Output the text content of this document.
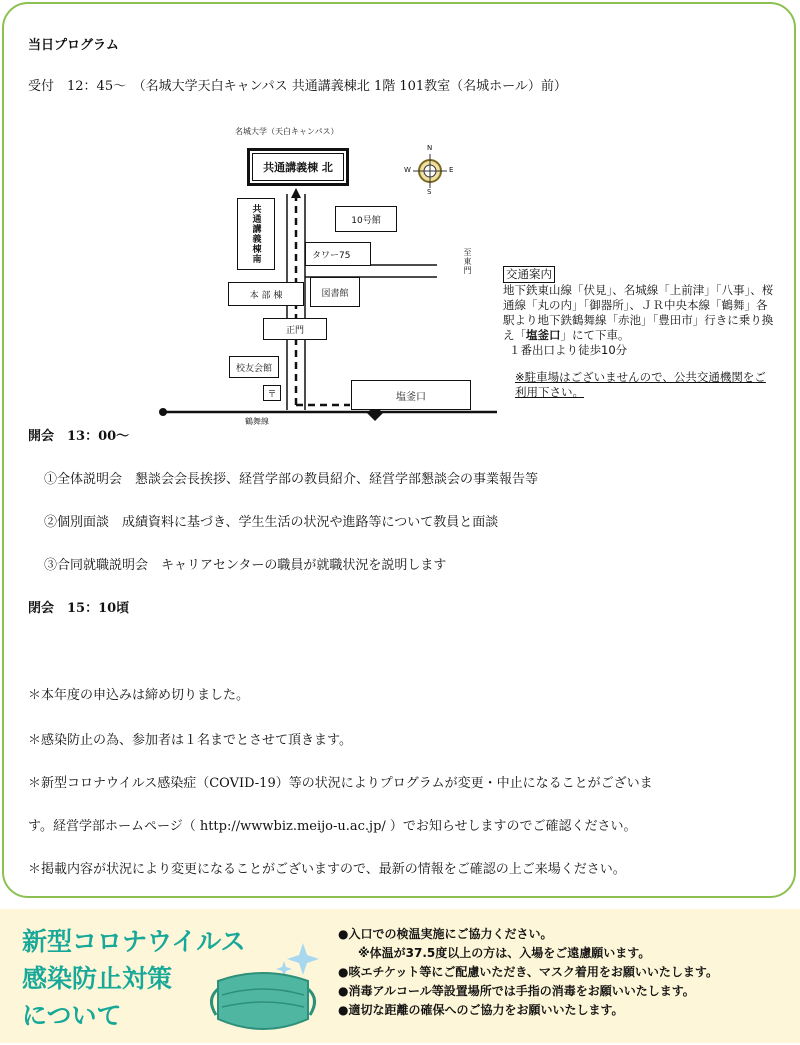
当日プログラム
受付　12：45～　（名城大学天白キャンパス 共通講義棟北 1階 101教室（名城ホール）前）
名城大学（天白キャンパス）
共通講義棟 北
共通講義棟南	10号館
タワー75
本 部 棟	図書館
正門
校友会館
〒	塩釜口
鶴舞線
至東門
N
S
E
W
交通案内
地下鉄東山線「伏見」、名城線「上前津」「八事」、桜通線「丸の内」「御器所」、ＪＲ中央本線「鶴舞」各駅より地下鉄鶴舞線「赤池」「豊田市」行きに乗り換え「塩釜口」にて下車。
１番出口より徒歩10分
※駐車場はございませんので、公共交通機関をご利用下さい。
開会　13：00～
①全体説明会　懇談会会長挨拶、経営学部の教員紹介、経営学部懇談会の事業報告等
②個別面談　成績資料に基づき、学生生活の状況や進路等について教員と面談
③合同就職説明会　キャリアセンターの職員が就職状況を説明します
閉会　15：10頃
＊本年度の申込みは締め切りました。
＊感染防止の為、参加者は１名までとさせて頂きます。
＊新型コロナウイルス感染症（COVID-19）等の状況によりプログラムが変更・中止になることがございま
す。経営学部ホームページ（ http://wwwbiz.meijo-u.ac.jp/ ）でお知らせしますのでご確認ください。
＊掲載内容が状況により変更になることがございますので、最新の情報をご確認の上ご来場ください。
新型コロナウイルス
感染防止対策
について
●入口での検温実施にご協力ください。
※体温が37.5度以上の方は、入場をご遠慮願います。
●咳エチケット等にご配慮いただき、マスク着用をお願いいたします。
●消毒アルコール等設置場所では手指の消毒をお願いいたします。
●適切な距離の確保へのご協力をお願いいたします。
